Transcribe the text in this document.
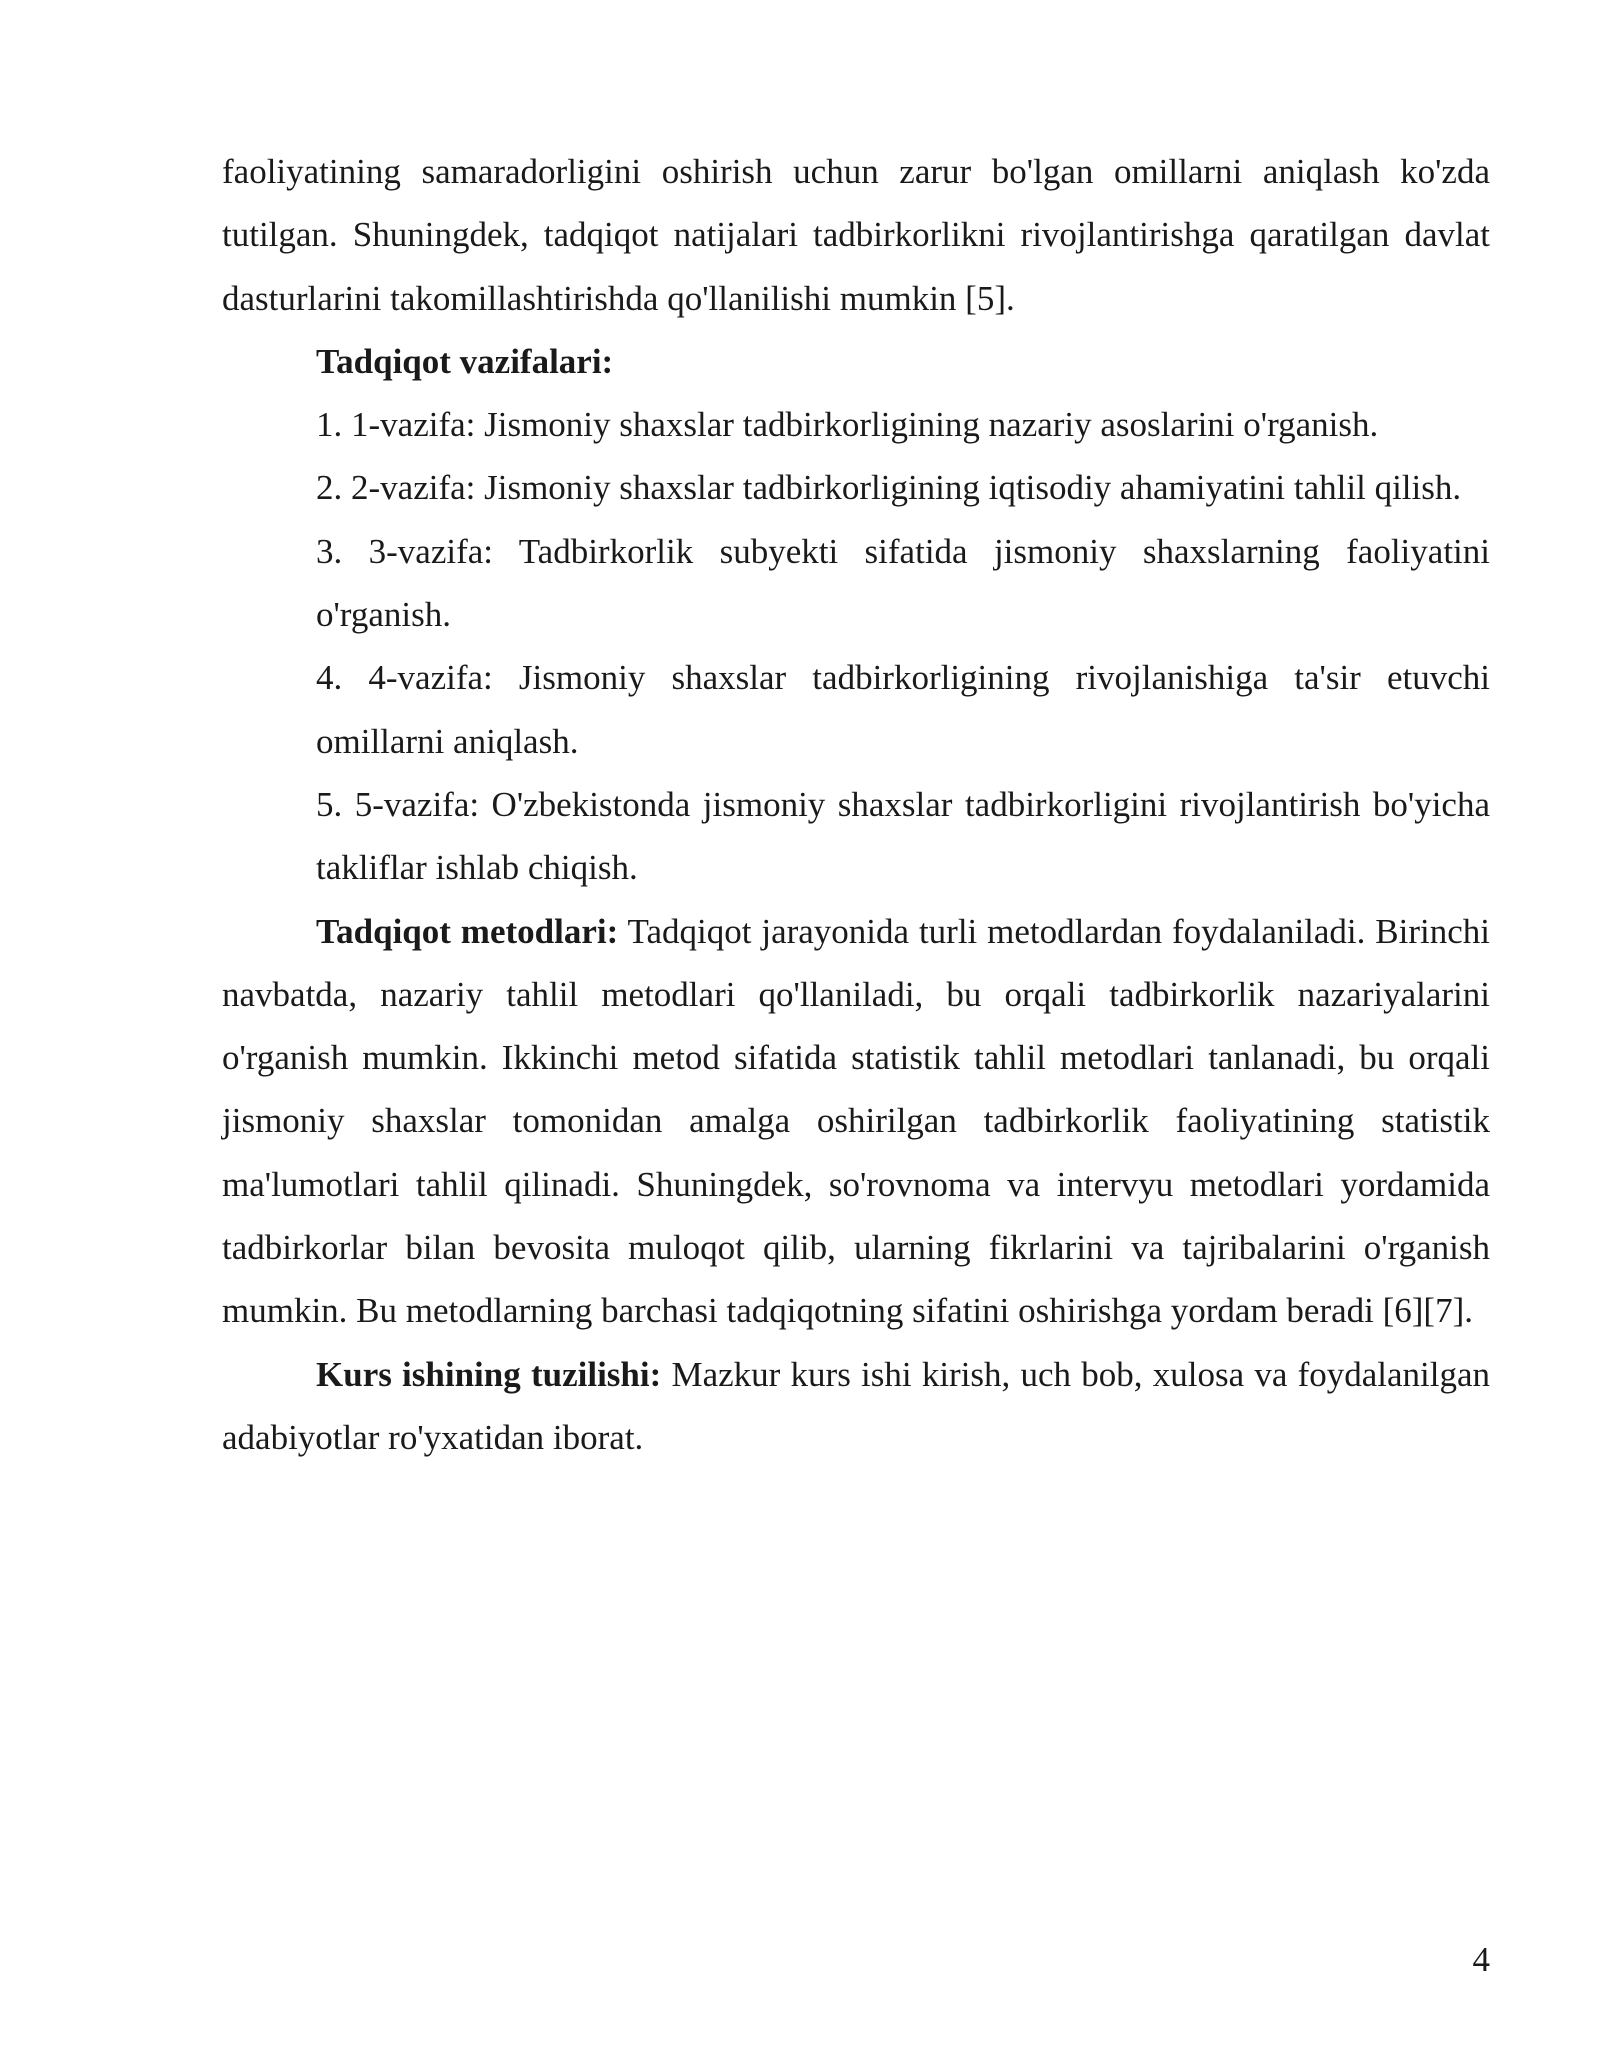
faoliyatining samaradorligini oshirish uchun zarur bo'lgan omillarni aniqlash ko'zda tutilgan. Shuningdek, tadqiqot natijalari tadbirkorlikni rivojlantirishga qaratilgan davlat dasturlarini takomillashtirishda qo'llanilishi mumkin [5].

Tadqiqot vazifalari:

1. 1-vazifa: Jismoniy shaxslar tadbirkorligining nazariy asoslarini o'rganish.

2. 2-vazifa: Jismoniy shaxslar tadbirkorligining iqtisodiy ahamiyatini tahlil qilish.

3. 3-vazifa: Tadbirkorlik subyekti sifatida jismoniy shaxslarning faoliyatini o'rganish.

4. 4-vazifa: Jismoniy shaxslar tadbirkorligining rivojlanishiga ta'sir etuvchi omillarni aniqlash.

5. 5-vazifa: O'zbekistonda jismoniy shaxslar tadbirkorligini rivojlantirish bo'yicha takliflar ishlab chiqish.

Tadqiqot metodlari: Tadqiqot jarayonida turli metodlardan foydalaniladi. Birinchi navbatda, nazariy tahlil metodlari qo'llaniladi, bu orqali tadbirkorlik nazariyalarini o'rganish mumkin. Ikkinchi metod sifatida statistik tahlil metodlari tanlanadi, bu orqali jismoniy shaxslar tomonidan amalga oshirilgan tadbirkorlik faoliyatining statistik ma'lumotlari tahlil qilinadi. Shuningdek, so'rovnoma va intervyu metodlari yordamida tadbirkorlar bilan bevosita muloqot qilib, ularning fikrlarini va tajribalarini o'rganish mumkin. Bu metodlarning barchasi tadqiqotning sifatini oshirishga yordam beradi [6][7].

Kurs ishining tuzilishi: Mazkur kurs ishi kirish, uch bob, xulosa va foydalanilgan adabiyotlar ro'yxatidan iborat.

4
